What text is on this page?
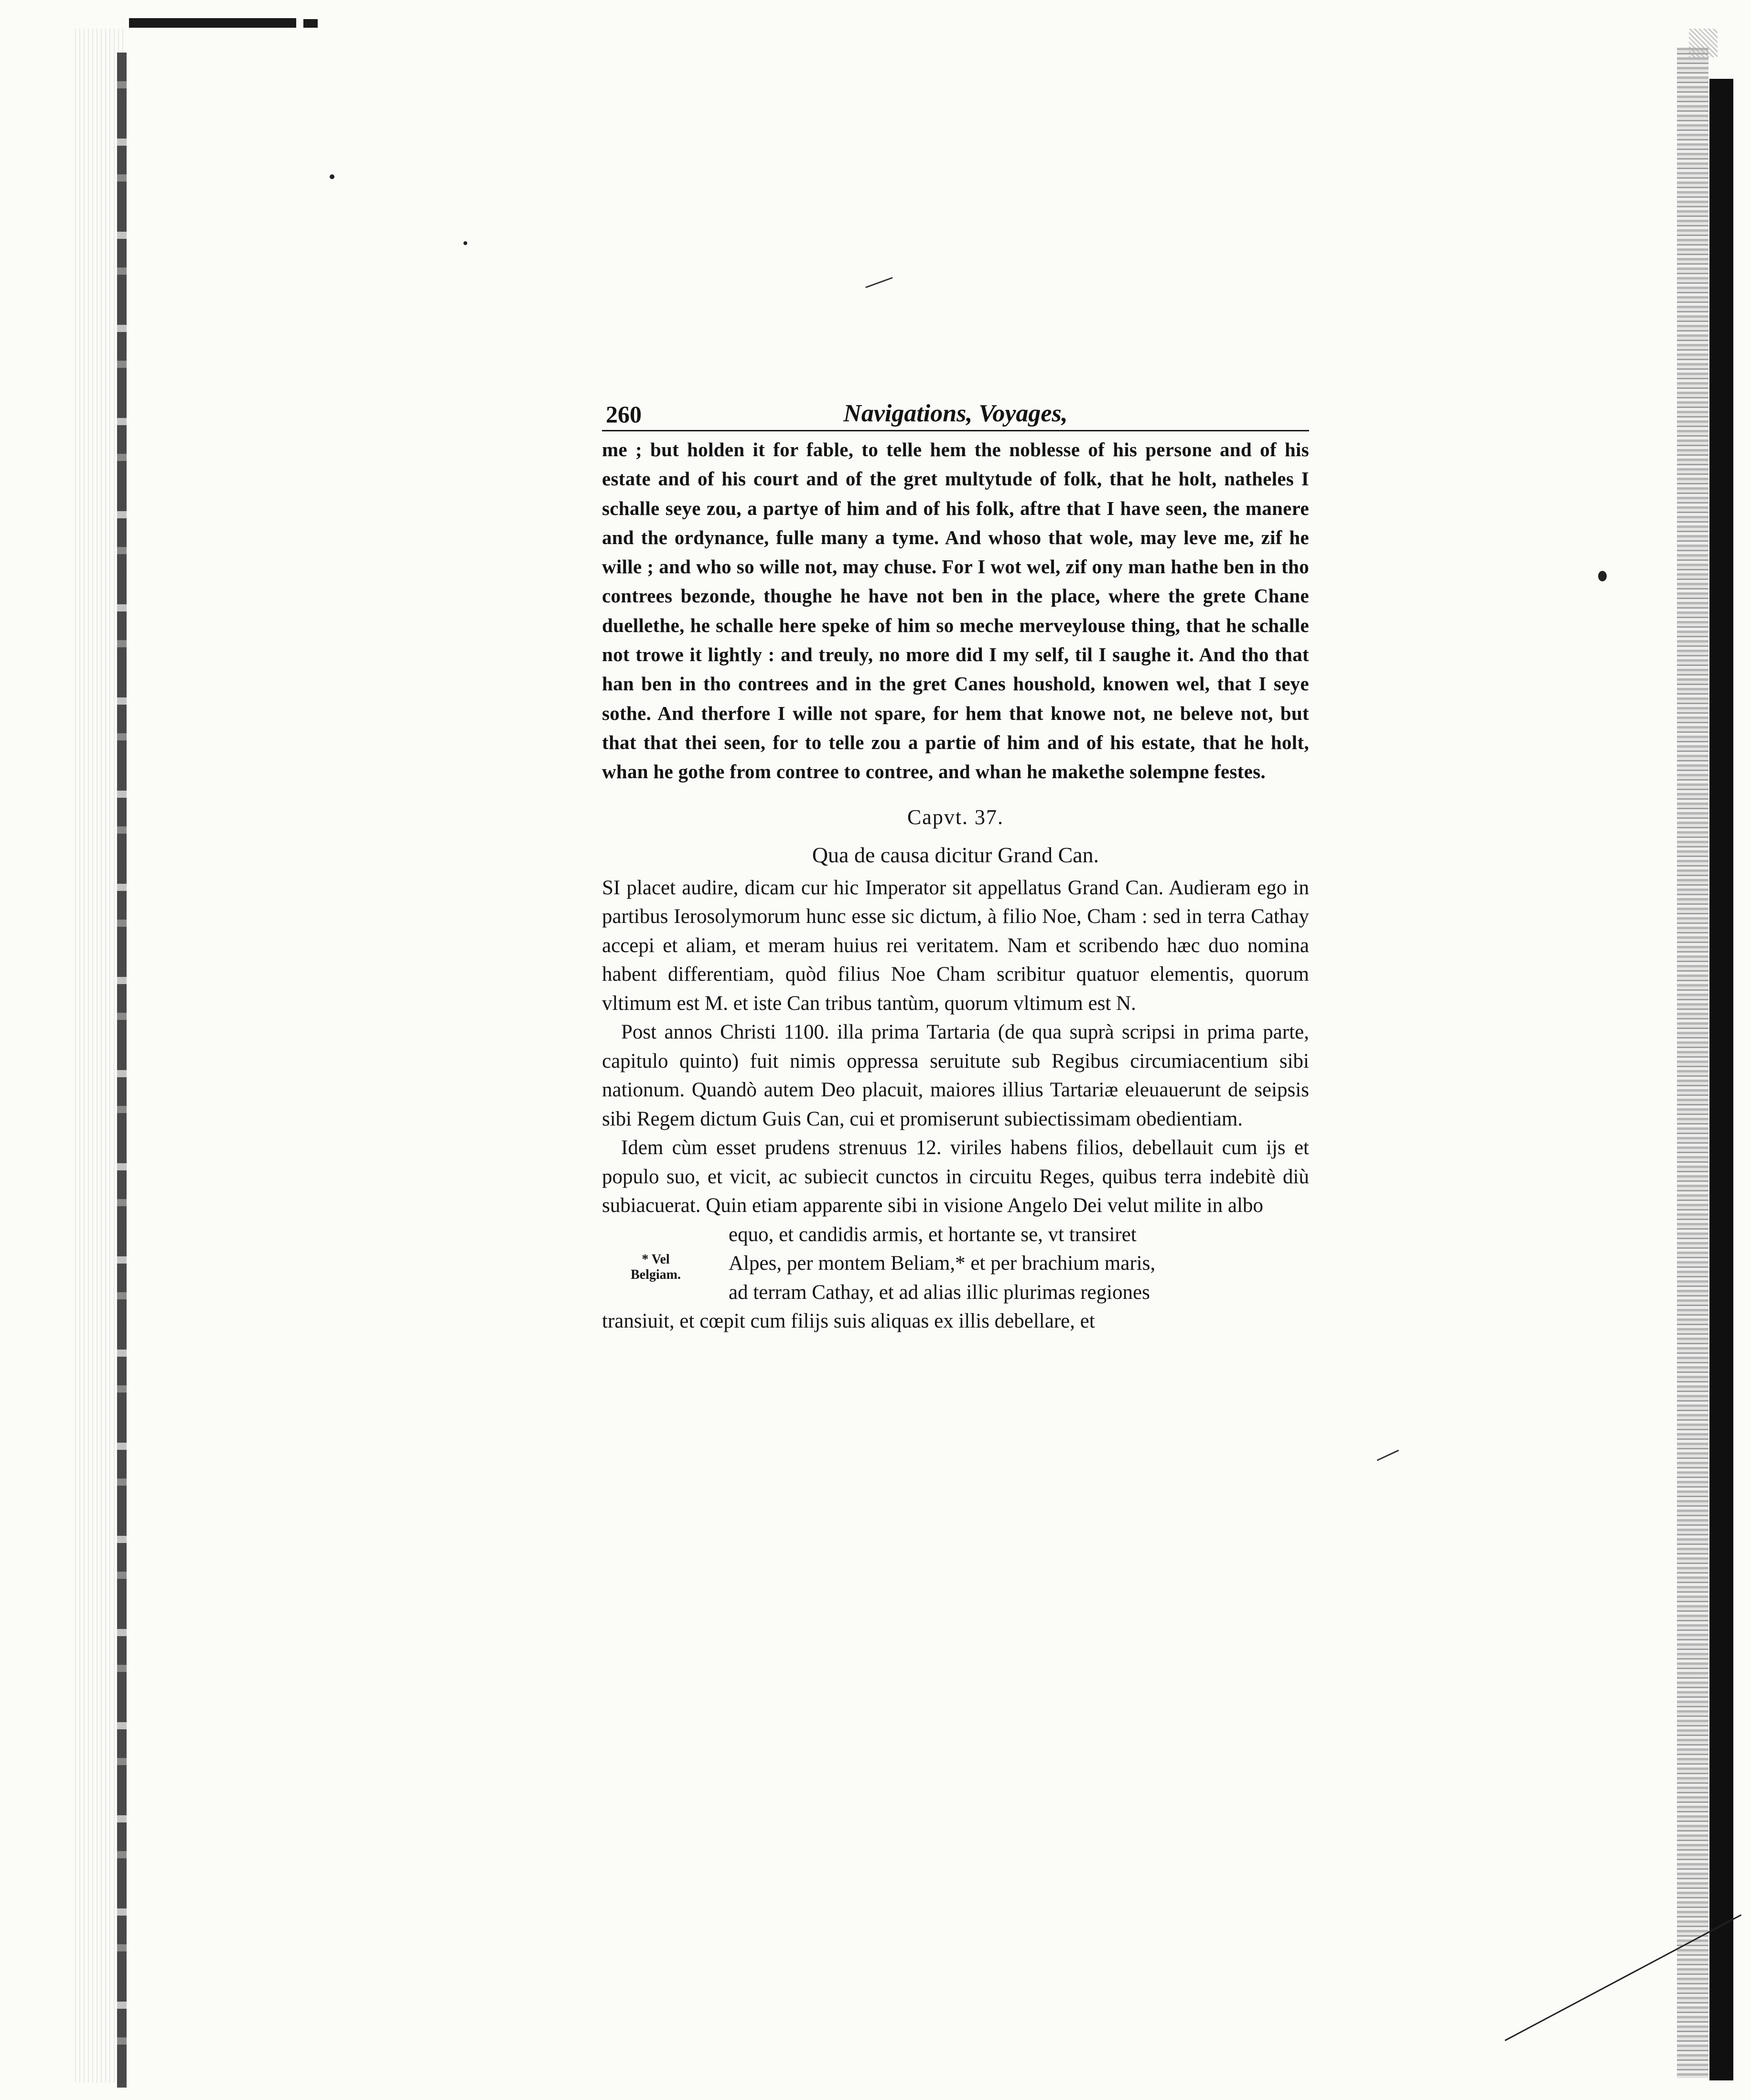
260	Navigations, Voyages,

me ; but holden it for fable, to telle hem the noblesse of his persone and of his estate and of his court and of the gret multytude of folk, that he holt, natheles I schalle seye zou, a partye of him and of his folk, aftre that I have seen, the manere and the ordynance, fulle many a tyme. And whoso that wole, may leve me, zif he wille ; and who so wille not, may chuse. For I wot wel, zif ony man hathe ben in tho contrees bezonde, thoughe he have not ben in the place, where the grete Chane duellethe, he schalle here speke of him so meche merveylouse thing, that he schalle not trowe it lightly : and treuly, no more did I my self, til I saughe it. And tho that han ben in tho contrees and in the gret Canes houshold, knowen wel, that I seye sothe. And therfore I wille not spare, for hem that knowe not, ne beleve not, but that that thei seen, for to telle zou a partie of him and of his estate, that he holt, whan he gothe from contree to contree, and whan he makethe solempne festes.

Capvt. 37.
Qua de causa dicitur Grand Can.

SI placet audire, dicam cur hic Imperator sit appellatus Grand Can. Audieram ego in partibus Ierosolymorum hunc esse sic dictum, à filio Noe, Cham : sed in terra Cathay accepi et aliam, et meram huius rei veritatem. Nam et scribendo hæc duo nomina habent differentiam, quòd filius Noe Cham scribitur quatuor elementis, quorum vltimum est M. et iste Can tribus tantùm, quorum vltimum est N.

Post annos Christi 1100. illa prima Tartaria (de qua suprà scripsi in prima parte, capitulo quinto) fuit nimis oppressa seruitute sub Regibus circumiacentium sibi nationum. Quandò autem Deo placuit, maiores illius Tartariæ eleuauerunt de seipsis sibi Regem dictum Guis Can, cui et promiserunt subiectissimam obedientiam.

Idem cùm esset prudens strenuus 12. viriles habens filios, debellauit cum ijs et populo suo, et vicit, ac subiecit cunctos in circuitu Reges, quibus terra indebitè diù subiacuerat. Quin etiam apparente sibi in visione Angelo Dei velut milite in albo

* Vel
Belgiam.

equo, et candidis armis, et hortante se, vt transiret

Alpes, per montem Beliam,* et per brachium maris,

ad terram Cathay, et ad alias illic plurimas regiones

transiuit, et cœpit cum filijs suis aliquas ex illis debellare, et
